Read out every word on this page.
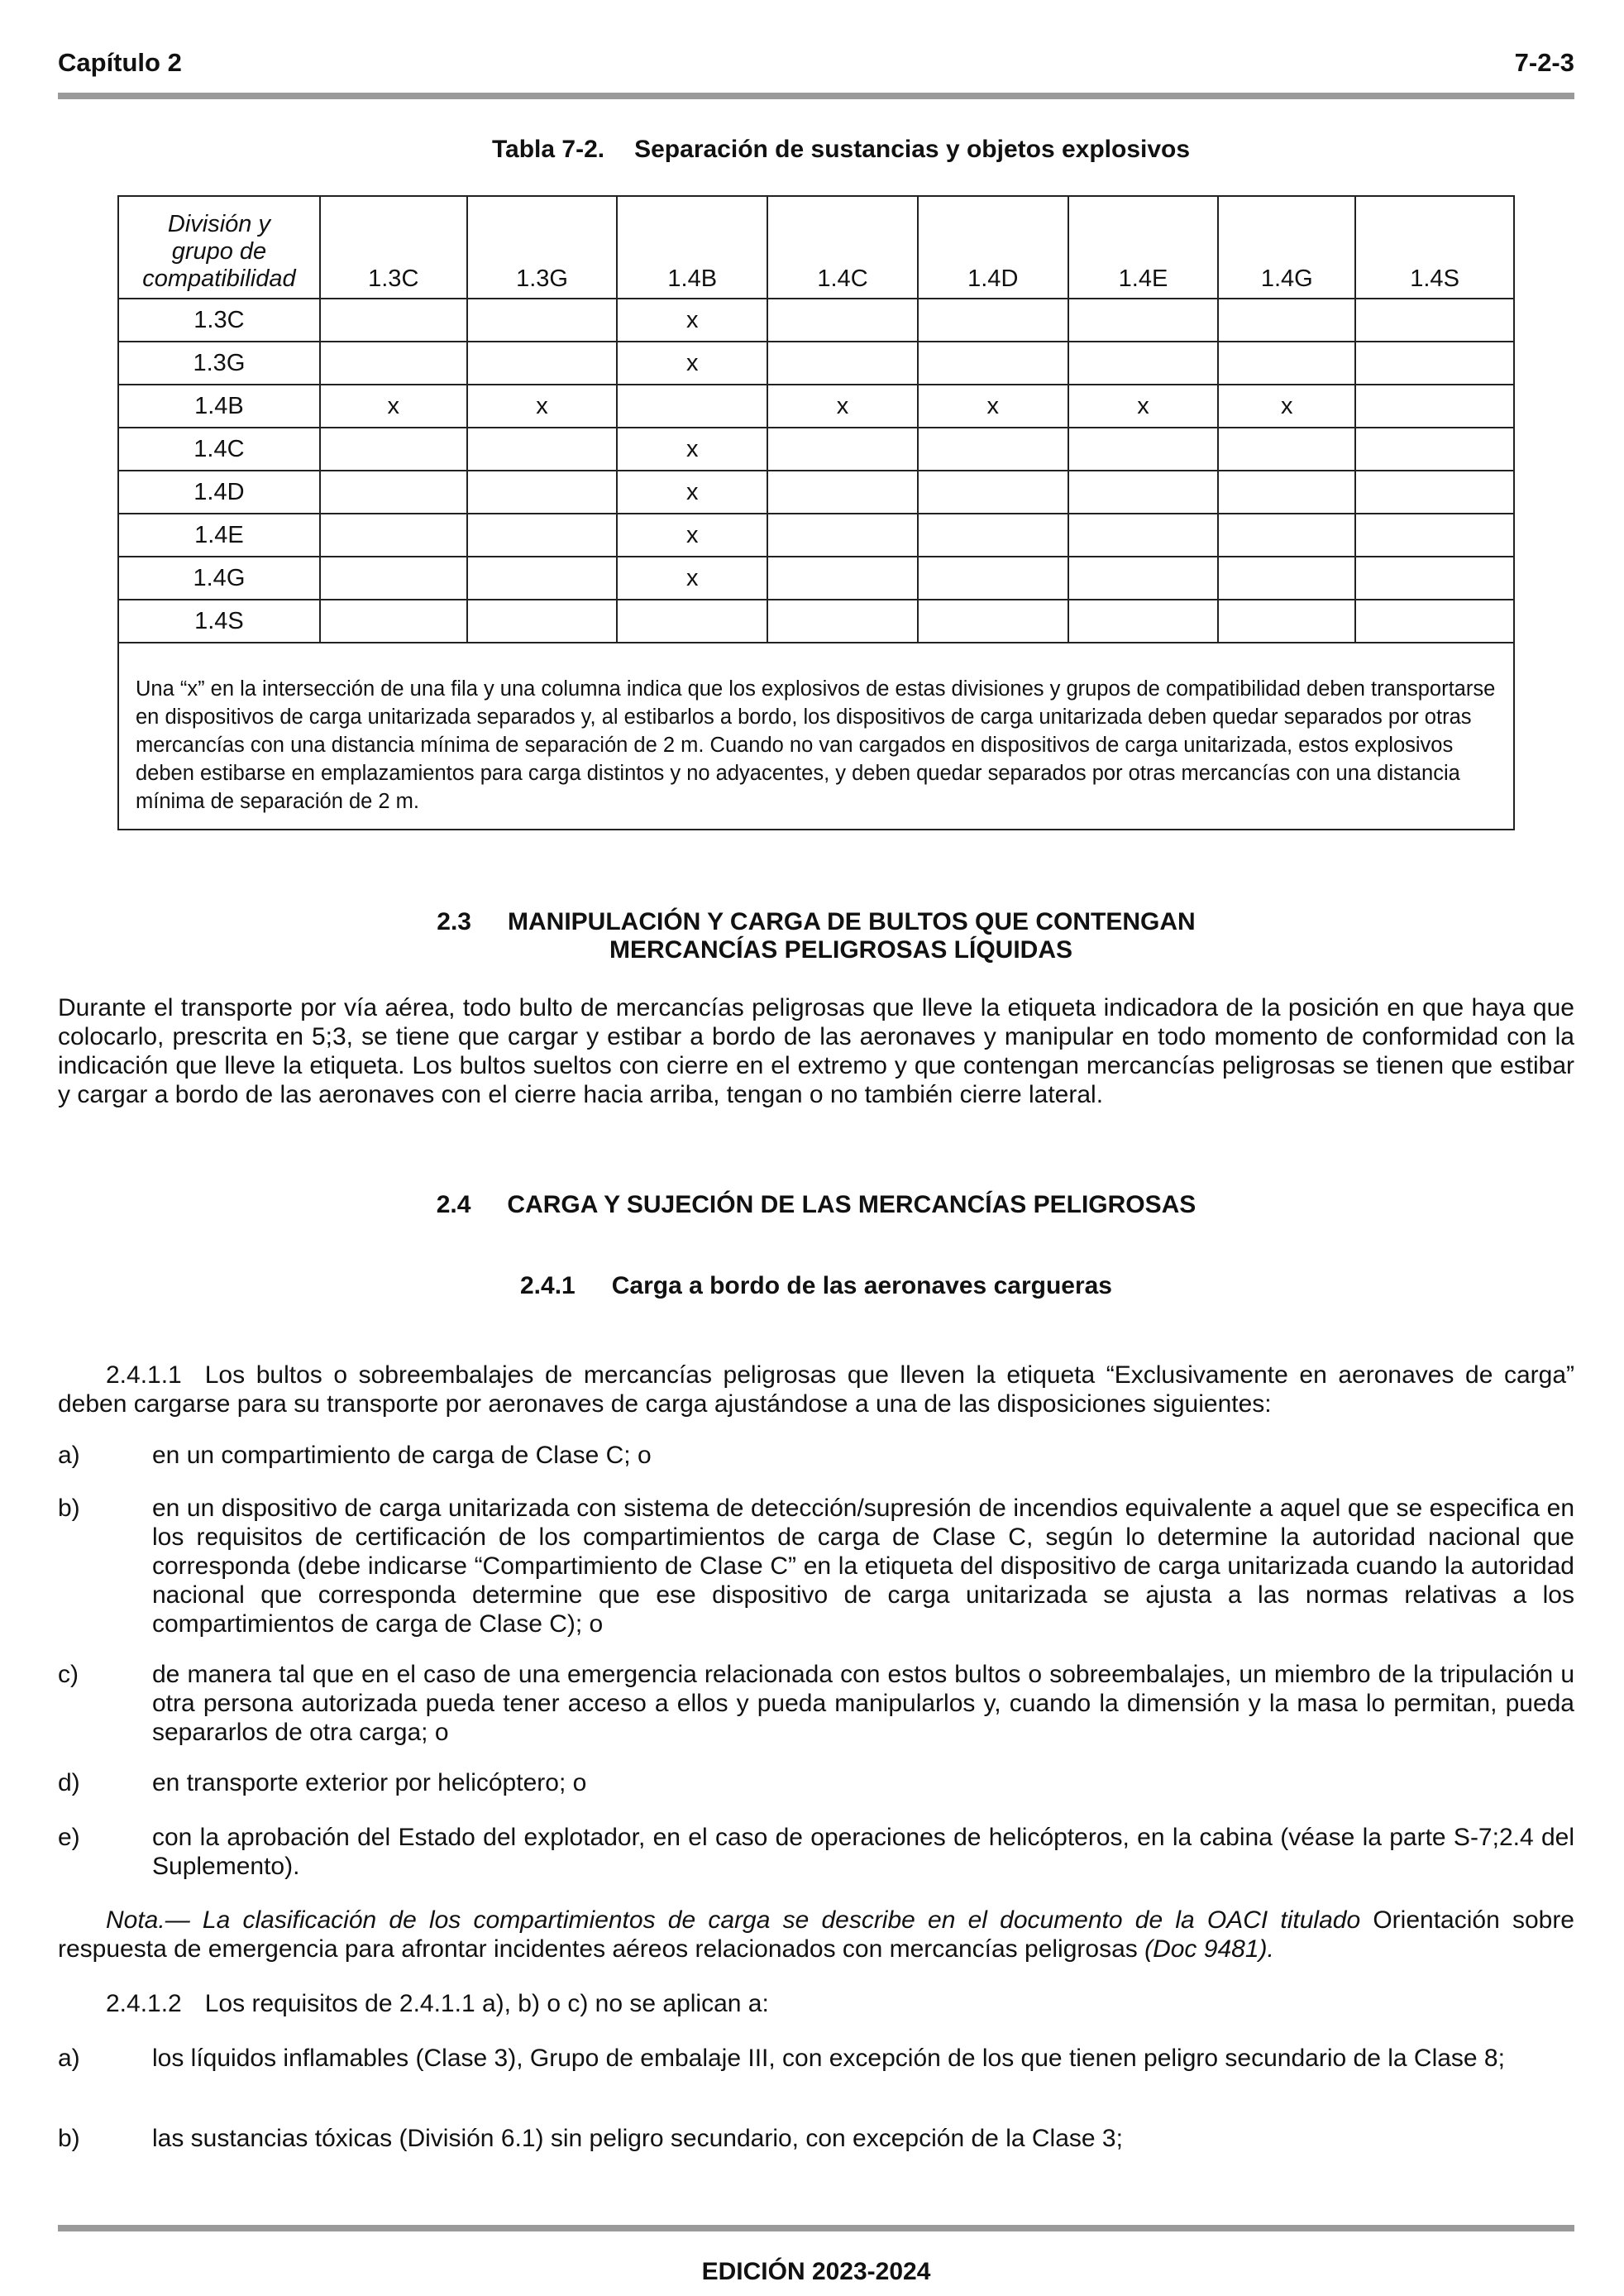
Capítulo 2	7-2-3
Tabla 7-2. Separación de sustancias y objetos explosivos
División y
grupo de
compatibilidad	1.3C	1.3G	1.4B	1.4C	1.4D	1.4E	1.4G	1.4S
1.3C			x					
1.3G			x					
1.4B	x	x		x	x	x	x	
1.4C			x					
1.4D			x					
1.4E			x					
1.4G			x					
1.4S								
Una “x” en la intersección de una fila y una columna indica que los explosivos de estas divisiones y grupos de compatibilidad deben transportarse en dispositivos de carga unitarizada separados y, al estibarlos a bordo, los dispositivos de carga unitarizada deben quedar separados por otras mercancías con una distancia mínima de separación de 2 m. Cuando no van cargados en dispositivos de carga unitarizada, estos explosivos deben estibarse en emplazamientos para carga distintos y no adyacentes, y deben quedar separados por otras mercancías con una distancia mínima de separación de 2 m.								
2.3 MANIPULACIÓN Y CARGA DE BULTOS QUE CONTENGAN
MERCANCÍAS PELIGROSAS LÍQUIDAS
Durante el transporte por vía aérea, todo bulto de mercancías peligrosas que lleve la etiqueta indicadora de la posición en que haya que colocarlo, prescrita en 5;3, se tiene que cargar y estibar a bordo de las aeronaves y manipular en todo momento de conformidad con la indicación que lleve la etiqueta. Los bultos sueltos con cierre en el extremo y que contengan mercancías peligrosas se tienen que estibar y cargar a bordo de las aeronaves con el cierre hacia arriba, tengan o no también cierre lateral.
2.4 CARGA Y SUJECIÓN DE LAS MERCANCÍAS PELIGROSAS
2.4.1 Carga a bordo de las aeronaves cargueras
2.4.1.1 Los bultos o sobreembalajes de mercancías peligrosas que lleven la etiqueta “Exclusivamente en aeronaves de carga” deben cargarse para su transporte por aeronaves de carga ajustándose a una de las disposiciones siguientes:
a)	en un compartimiento de carga de Clase C; o
b)	en un dispositivo de carga unitarizada con sistema de detección/supresión de incendios equivalente a aquel que se especifica en los requisitos de certificación de los compartimientos de carga de Clase C, según lo determine la autoridad nacional que corresponda (debe indicarse “Compartimiento de Clase C” en la etiqueta del dispositivo de carga unitarizada cuando la autoridad nacional que corresponda determine que ese dispositivo de carga unitarizada se ajusta a las normas relativas a los compartimientos de carga de Clase C); o
c)	de manera tal que en el caso de una emergencia relacionada con estos bultos o sobreembalajes, un miembro de la tripulación u otra persona autorizada pueda tener acceso a ellos y pueda manipularlos y, cuando la dimensión y la masa lo permitan, pueda separarlos de otra carga; o
d)	en transporte exterior por helicóptero; o
e)	con la aprobación del Estado del explotador, en el caso de operaciones de helicópteros, en la cabina (véase la parte S-7;2.4 del Suplemento).
Nota.— La clasificación de los compartimientos de carga se describe en el documento de la OACI titulado Orientación sobre respuesta de emergencia para afrontar incidentes aéreos relacionados con mercancías peligrosas (Doc 9481).
2.4.1.2 Los requisitos de 2.4.1.1 a), b) o c) no se aplican a:
a)	los líquidos inflamables (Clase 3), Grupo de embalaje III, con excepción de los que tienen peligro secundario de la Clase 8;
b)	las sustancias tóxicas (División 6.1) sin peligro secundario, con excepción de la Clase 3;
EDICIÓN 2023-2024
